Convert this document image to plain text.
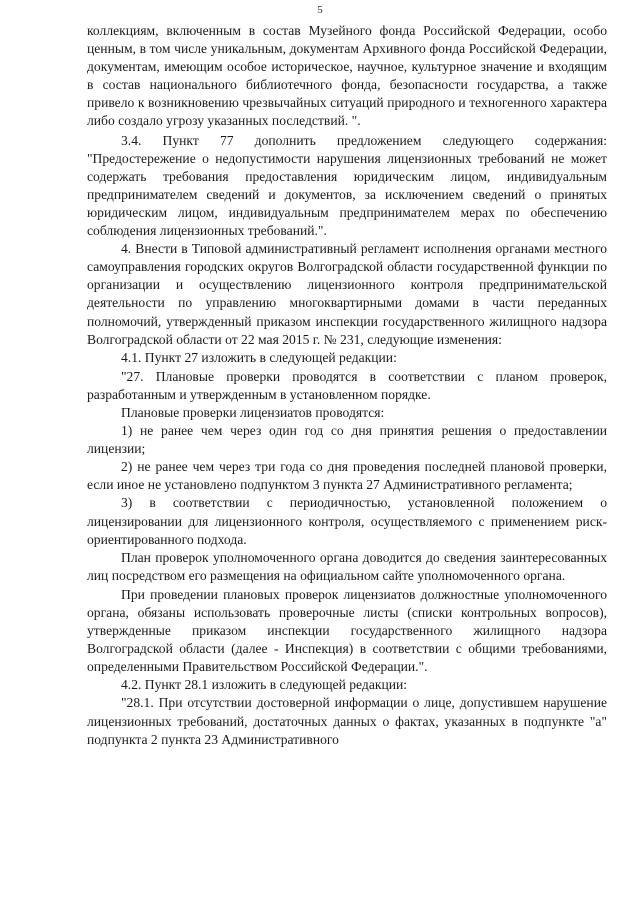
5

коллекциям, включенным в состав Музейного фонда Российской Федерации, особо ценным, в том числе уникальным, документам Архивного фонда Российской Федерации, документам, имеющим особое историческое, научное, культурное значение и входящим в состав национального библиотечного фонда, безопасности государства, а также привело к возникновению чрезвычайных ситуаций природного и техногенного характера либо создало угрозу указанных последствий. ".

3.4. Пункт 77 дополнить предложением следующего содержания: "Предостережение о недопустимости нарушения лицензионных требований не может содержать требования предоставления юридическим лицом, индивидуальным предпринимателем сведений и документов, за исключением сведений о принятых юридическим лицом, индивидуальным предпринимателем мерах по обеспечению соблюдения лицензионных требований.".

4. Внести в Типовой административный регламент исполнения органами местного самоуправления городских округов Волгоградской области государственной функции по организации и осуществлению лицензионного контроля предпринимательской деятельности по управлению многоквартирными домами в части переданных полномочий, утвержденный приказом инспекции государственного жилищного надзора Волгоградской области от 22 мая 2015 г. № 231, следующие изменения:

4.1. Пункт 27 изложить в следующей редакции:

"27. Плановые проверки проводятся в соответствии с планом проверок, разработанным и утвержденным в установленном порядке.

Плановые проверки лицензиатов проводятся:

1) не ранее чем через один год со дня принятия решения о предоставлении лицензии;

2) не ранее чем через три года со дня проведения последней плановой проверки, если иное не установлено подпунктом 3 пункта 27 Административного регламента;

3) в соответствии с периодичностью, установленной положением о лицензировании для лицензионного контроля, осуществляемого с применением риск-ориентированного подхода.

План проверок уполномоченного органа доводится до сведения заинтересованных лиц посредством его размещения на официальном сайте уполномоченного органа.

При проведении плановых проверок лицензиатов должностные уполномоченного органа, обязаны использовать проверочные листы (списки контрольных вопросов), утвержденные приказом инспекции государственного жилищного надзора Волгоградской области (далее - Инспекция) в соответствии с общими требованиями, определенными Правительством Российской Федерации.".

4.2. Пункт 28.1 изложить в следующей редакции:

"28.1. При отсутствии достоверной информации о лице, допустившем нарушение лицензионных требований, достаточных данных о фактах, указанных в подпункте "а" подпункта 2 пункта 23 Административного
